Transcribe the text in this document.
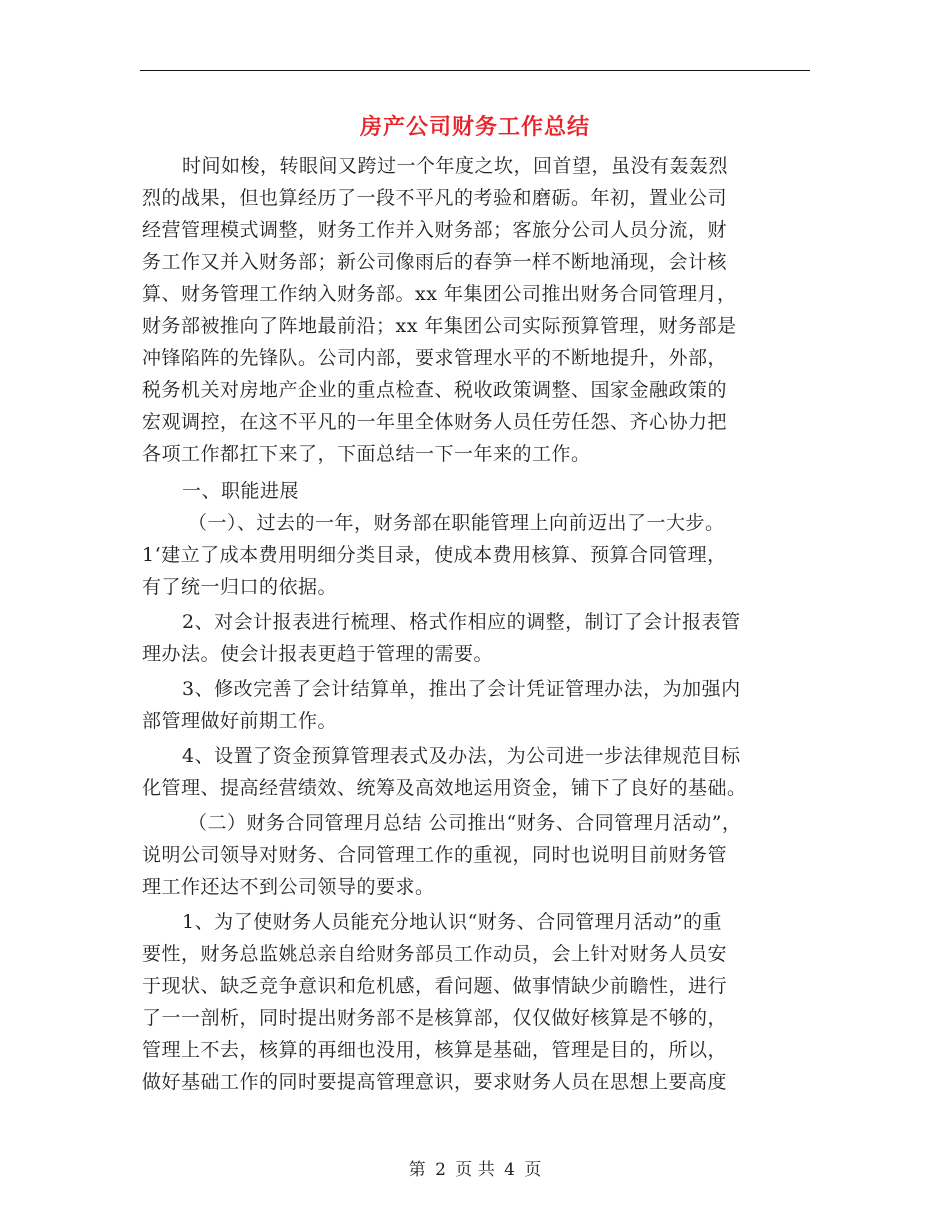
房产公司财务工作总结
时间如梭，转眼间又跨过一个年度之坎，回首望，虽没有轰轰烈
烈的战果，但也算经历了一段不平凡的考验和磨砺。年初，置业公司
经营管理模式调整，财务工作并入财务部；客旅分公司人员分流，财
务工作又并入财务部；新公司像雨后的春笋一样不断地涌现，会计核
算、财务管理工作纳入财务部。xx 年集团公司推出财务合同管理月，
财务部被推向了阵地最前沿；xx 年集团公司实际预算管理，财务部是
冲锋陷阵的先锋队。公司内部，要求管理水平的不断地提升，外部，
税务机关对房地产企业的重点检查、税收政策调整、国家金融政策的
宏观调控，在这不平凡的一年里全体财务人员任劳任怨、齐心协力把
各项工作都扛下来了，下面总结一下一年来的工作。
一、职能进展
（一）、过去的一年，财务部在职能管理上向前迈出了一大步。
1‘建立了成本费用明细分类目录，使成本费用核算、预算合同管理，
有了统一归口的依据。
2、对会计报表进行梳理、格式作相应的调整，制订了会计报表管
理办法。使会计报表更趋于管理的需要。
3、修改完善了会计结算单，推出了会计凭证管理办法，为加强内
部管理做好前期工作。
4、设置了资金预算管理表式及办法，为公司进一步法律规范目标
化管理、提高经营绩效、统筹及高效地运用资金，铺下了良好的基础。
（二）财务合同管理月总结 公司推出“财务、合同管理月活动”，
说明公司领导对财务、合同管理工作的重视，同时也说明目前财务管
理工作还达不到公司领导的要求。
1、为了使财务人员能充分地认识“财务、合同管理月活动”的重
要性，财务总监姚总亲自给财务部员工作动员，会上针对财务人员安
于现状、缺乏竞争意识和危机感，看问题、做事情缺少前瞻性，进行
了一一剖析，同时提出财务部不是核算部，仅仅做好核算是不够的，
管理上不去，核算的再细也没用，核算是基础，管理是目的，所以，
做好基础工作的同时要提高管理意识，要求财务人员在思想上要高度
第 2 页 共 4 页
